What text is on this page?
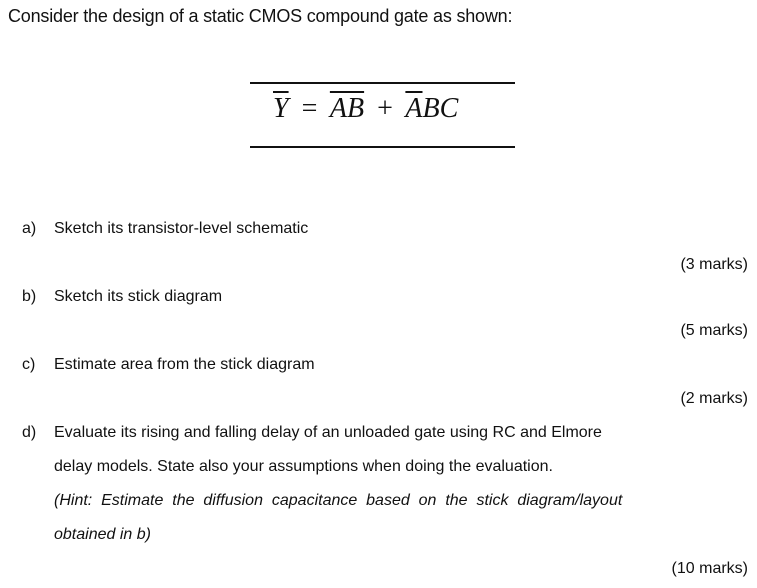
Consider the design of a static CMOS compound gate as shown:
$\overline{Y} = \overline{AB} + \overline{A}BC$
a) Sketch its transistor-level schematic
(3 marks)
b) Sketch its stick diagram
(5 marks)
c) Estimate area from the stick diagram
(2 marks)
d) Evaluate its rising and falling delay of an unloaded gate using RC and Elmore
delay models. State also your assumptions when doing the evaluation.
(Hint:  Estimate  the  diffusion  capacitance  based  on  the  stick  diagram/layout
obtained in b)
(10 marks)
